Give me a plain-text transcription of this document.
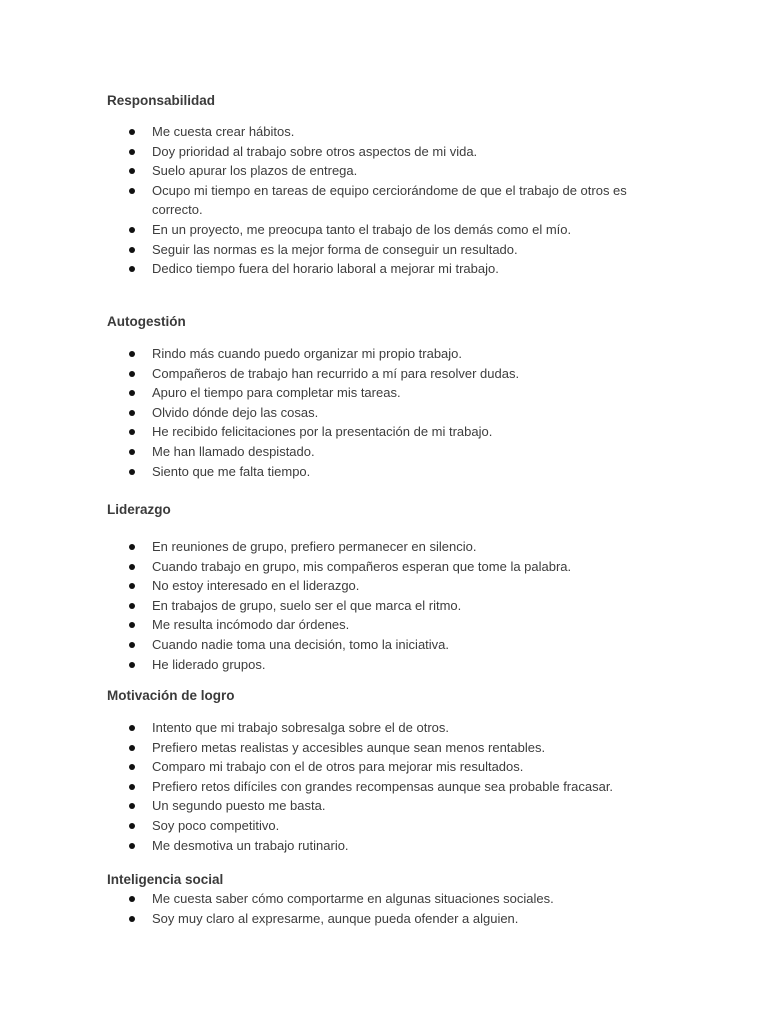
Responsabilidad
Me cuesta crear hábitos.
Doy prioridad al trabajo sobre otros aspectos de mi vida.
Suelo apurar los plazos de entrega.
Ocupo mi tiempo en tareas de equipo cerciorándome de que el trabajo de otros es correcto.
En un proyecto, me preocupa tanto el trabajo de los demás como el mío.
Seguir las normas es la mejor forma de conseguir un resultado.
Dedico tiempo fuera del horario laboral a mejorar mi trabajo.
Autogestión
Rindo más cuando puedo organizar mi propio trabajo.
Compañeros de trabajo han recurrido a mí para resolver dudas.
Apuro el tiempo para completar mis tareas.
Olvido dónde dejo las cosas.
He recibido felicitaciones por la presentación de mi trabajo.
Me han llamado despistado.
Siento que me falta tiempo.
Liderazgo
En reuniones de grupo, prefiero permanecer en silencio.
Cuando trabajo en grupo, mis compañeros esperan que tome la palabra.
No estoy interesado en el liderazgo.
En trabajos de grupo, suelo ser el que marca el ritmo.
Me resulta incómodo dar órdenes.
Cuando nadie toma una decisión, tomo la iniciativa.
He liderado grupos.
Motivación de logro
Intento que mi trabajo sobresalga sobre el de otros.
Prefiero metas realistas y accesibles aunque sean menos rentables.
Comparo mi trabajo con el de otros para mejorar mis resultados.
Prefiero retos difíciles con grandes recompensas aunque sea probable fracasar.
Un segundo puesto me basta.
Soy poco competitivo.
Me desmotiva un trabajo rutinario.
Inteligencia social
Me cuesta saber cómo comportarme en algunas situaciones sociales.
Soy muy claro al expresarme, aunque pueda ofender a alguien.
